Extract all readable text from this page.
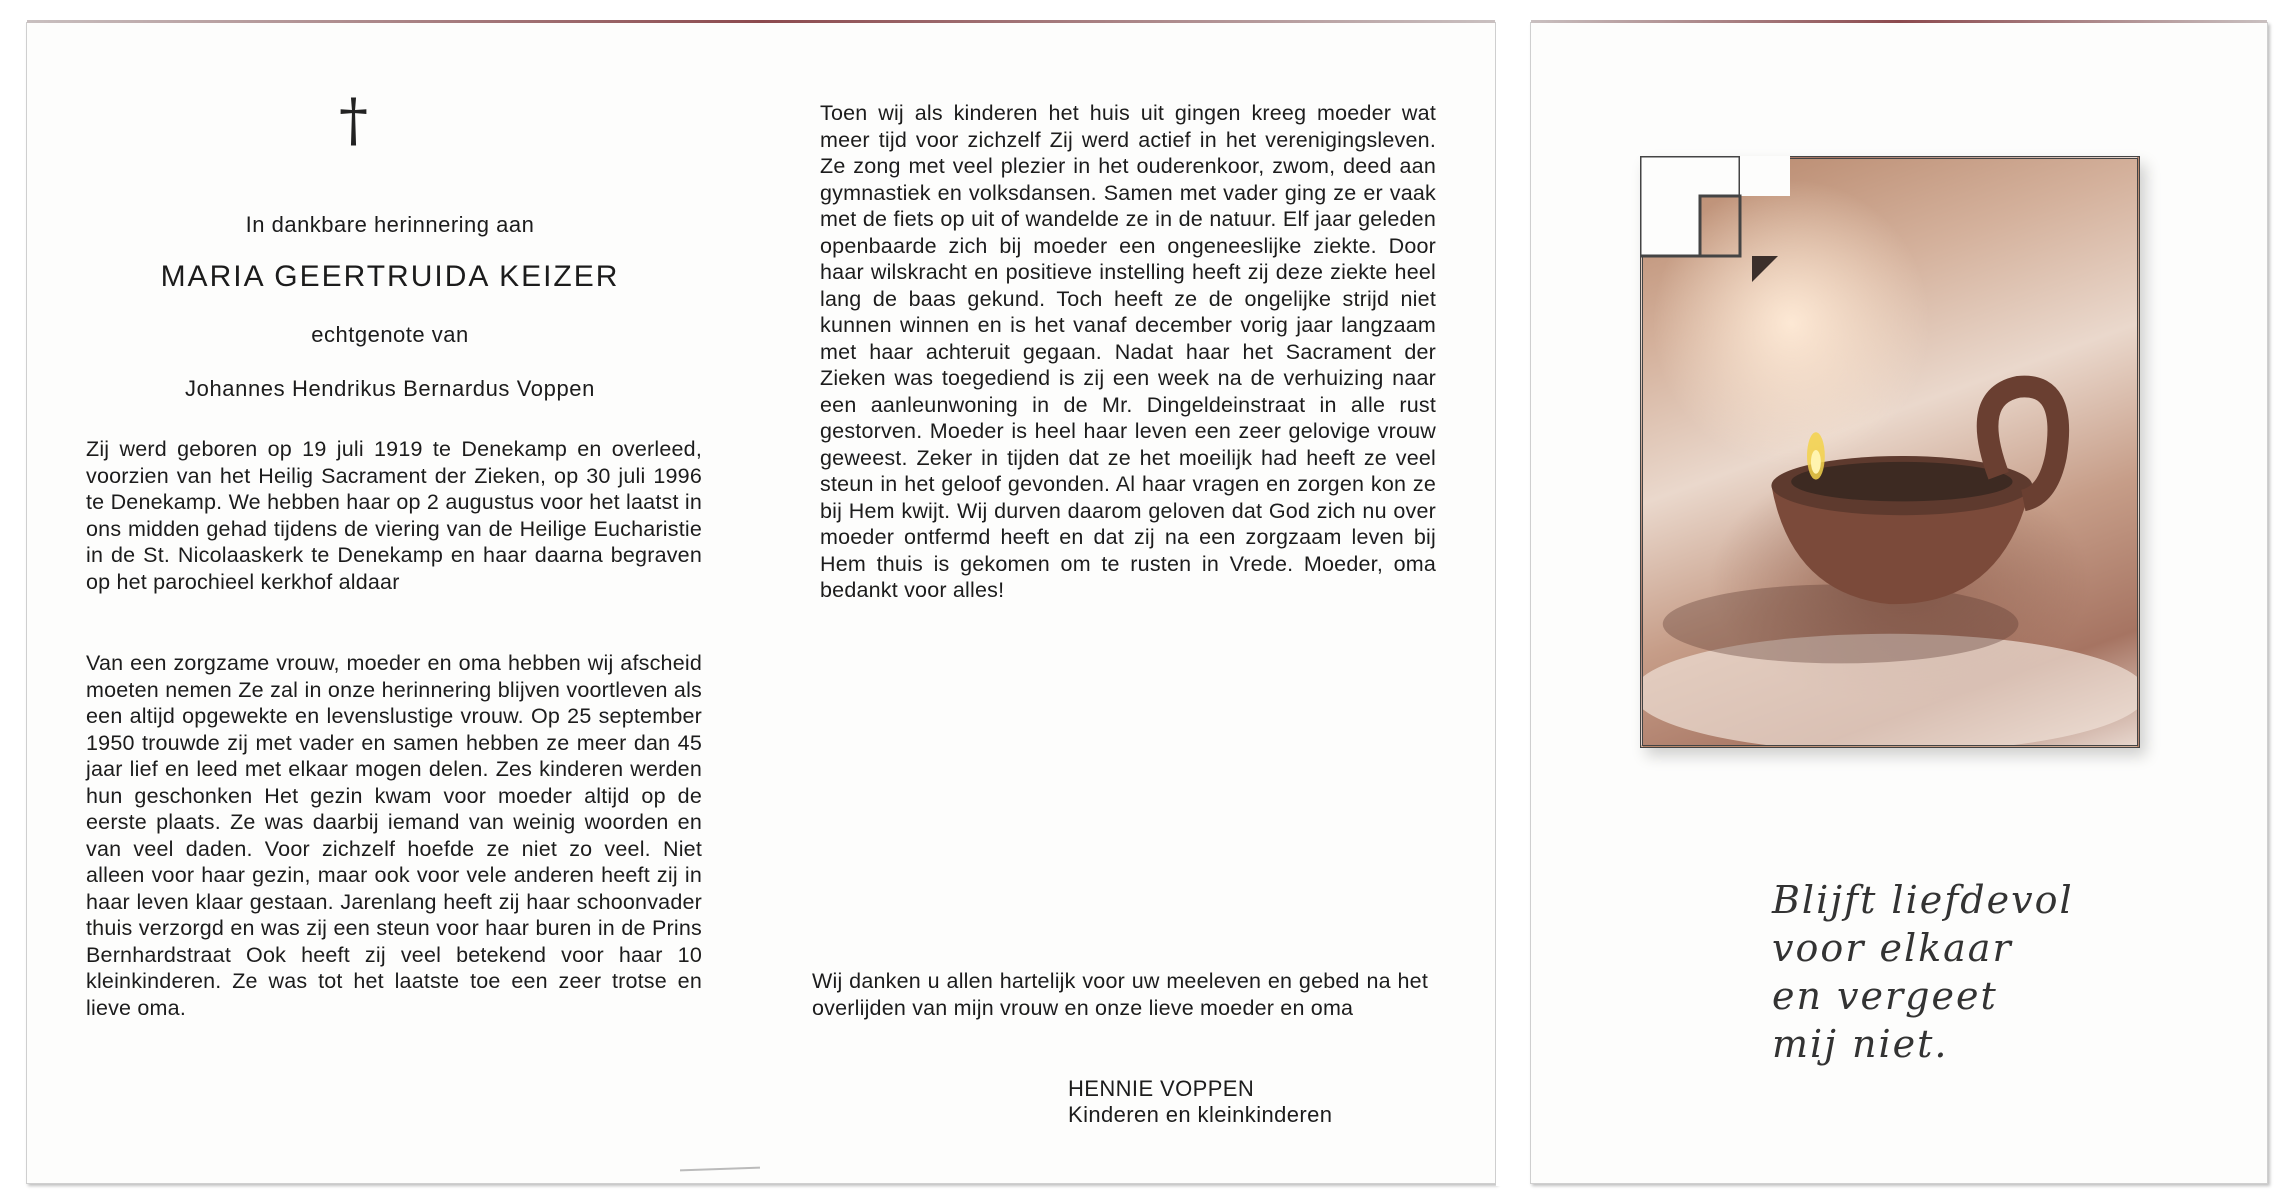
†
In dankbare herinnering aan
MARIA GEERTRUIDA KEIZER
echtgenote van
Johannes Hendrikus Bernardus Voppen

Zij werd geboren op 19 juli 1919 te Denekamp en overleed, voorzien van het Heilig Sacrament der Zieken, op 30 juli 1996 te Denekamp. We hebben haar op 2 augustus voor het laatst in ons midden gehad tijdens de viering van de Heilige Eucharistie in de St. Nicolaaskerk te Denekamp en haar daarna begraven op het parochieel kerkhof aldaar

Van een zorgzame vrouw, moeder en oma hebben wij afscheid moeten nemen Ze zal in onze herinnering blijven voortleven als een altijd opgewekte en levenslustige vrouw. Op 25 september 1950 trouwde zij met vader en samen hebben ze meer dan 45 jaar lief en leed met elkaar mogen delen. Zes kinderen werden hun geschonken Het gezin kwam voor moeder altijd op de eerste plaats. Ze was daarbij iemand van weinig woorden en van veel daden. Voor zichzelf hoefde ze niet zo veel. Niet alleen voor haar gezin, maar ook voor vele anderen heeft zij in haar leven klaar gestaan. Jarenlang heeft zij haar schoonvader thuis verzorgd en was zij een steun voor haar buren in de Prins Bernhardstraat Ook heeft zij veel betekend voor haar 10 kleinkinderen. Ze was tot het laatste toe een zeer trotse en lieve oma.

Toen wij als kinderen het huis uit gingen kreeg moeder wat meer tijd voor zichzelf Zij werd actief in het verenigingsleven. Ze zong met veel plezier in het ouderenkoor, zwom, deed aan gymnastiek en volksdansen. Samen met vader ging ze er vaak met de fiets op uit of wandelde ze in de natuur. Elf jaar geleden openbaarde zich bij moeder een ongeneeslijke ziekte. Door haar wilskracht en positieve instelling heeft zij deze ziekte heel lang de baas gekund. Toch heeft ze de ongelijke strijd niet kunnen winnen en is het vanaf december vorig jaar langzaam met haar achteruit gegaan. Nadat haar het Sacrament der Zieken was toegediend is zij een week na de verhuizing naar een aanleunwoning in de Mr. Dingeldeinstraat in alle rust gestorven. Moeder is heel haar leven een zeer gelovige vrouw geweest. Zeker in tijden dat ze het moeilijk had heeft ze veel steun in het geloof gevonden. Al haar vragen en zorgen kon ze bij Hem kwijt. Wij durven daarom geloven dat God zich nu over moeder ontfermd heeft en dat zij na een zorgzaam leven bij Hem thuis is gekomen om te rusten in Vrede. Moeder, oma bedankt voor alles!

Wij danken u allen hartelijk voor uw meeleven en gebed na het overlijden van mijn vrouw en onze lieve moeder en oma

HENNIE VOPPEN
Kinderen en kleinkinderen
Blijft liefdevol
voor elkaar
en vergeet
mij niet.
